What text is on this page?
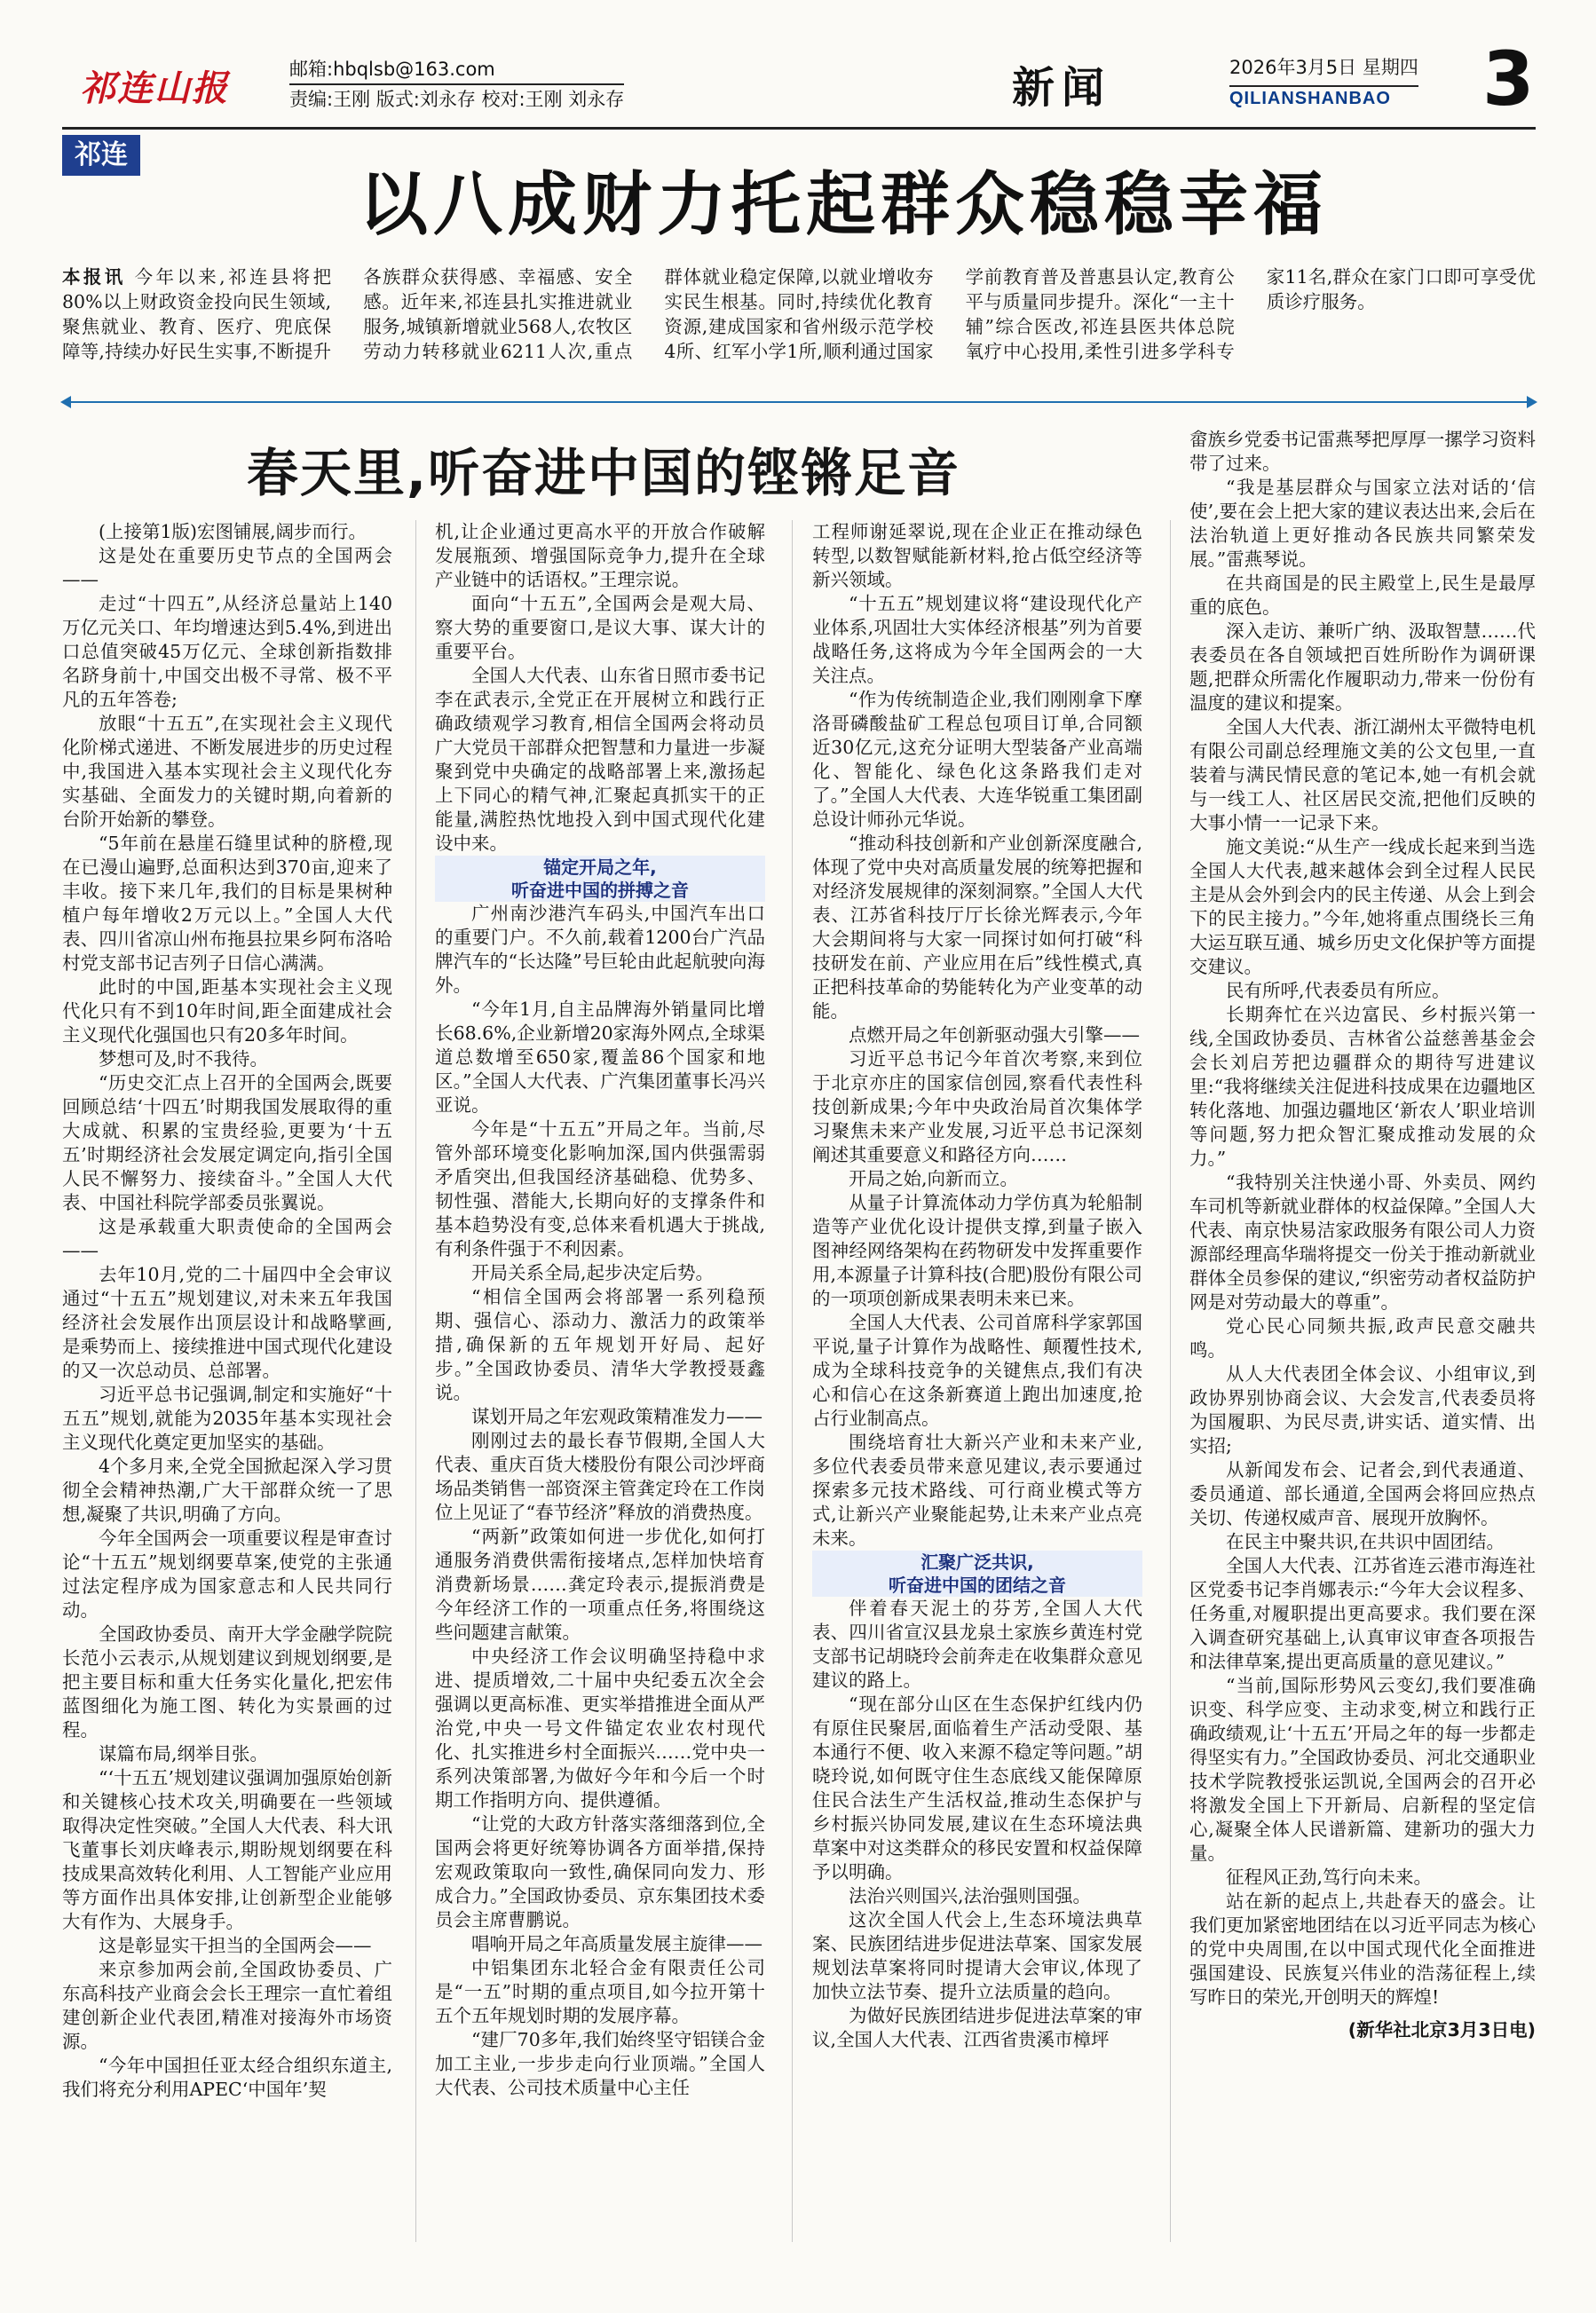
祁连山报	邮箱:hbqlsb@163.com
责编:王刚 版式:刘永存 校对:王刚 刘永存	新闻	2026年3月5日 星期四
QILIANSHANBAO	3
祁连
以八成财力托起群众稳稳幸福
本报讯 今年以来,祁连县将把80%以上财政资金投向民生领域,聚焦就业、教育、医疗、兜底保障等,持续办好民生实事,不断提升各族群众获得感、幸福感、安全感。近年来,祁连县扎实推进就业服务,城镇新增就业568人,农牧区劳动力转移就业6211人次,重点群体就业稳定保障,以就业增收夯实民生根基。同时,持续优化教育资源,建成国家和省州级示范学校4所、红军小学1所,顺利通过国家学前教育普及普惠县认定,教育公平与质量同步提升。深化“一主十辅”综合医改,祁连县医共体总院氧疗中心投用,柔性引进多学科专家11名,群众在家门口即可享受优质诊疗服务。
春天里,听奋进中国的铿锵足音

(上接第1版)宏图铺展,阔步而行。

这是处在重要历史节点的全国两会——

走过“十四五”,从经济总量站上140万亿元关口、年均增速达到5.4%,到进出口总值突破45万亿元、全球创新指数排名跻身前十,中国交出极不寻常、极不平凡的五年答卷;

放眼“十五五”,在实现社会主义现代化阶梯式递进、不断发展进步的历史过程中,我国进入基本实现社会主义现代化夯实基础、全面发力的关键时期,向着新的台阶开始新的攀登。

“5年前在悬崖石缝里试种的脐橙,现在已漫山遍野,总面积达到370亩,迎来了丰收。接下来几年,我们的目标是果树种植户每年增收2万元以上。”全国人大代表、四川省凉山州布拖县拉果乡阿布洛哈村党支部书记吉列子日信心满满。

此时的中国,距基本实现社会主义现代化只有不到10年时间,距全面建成社会主义现代化强国也只有20多年时间。

梦想可及,时不我待。

“历史交汇点上召开的全国两会,既要回顾总结‘十四五’时期我国发展取得的重大成就、积累的宝贵经验,更要为‘十五五’时期经济社会发展定调定向,指引全国人民不懈努力、接续奋斗。”全国人大代表、中国社科院学部委员张翼说。

这是承载重大职责使命的全国两会——

去年10月,党的二十届四中全会审议通过“十五五”规划建议,对未来五年我国经济社会发展作出顶层设计和战略擘画,是乘势而上、接续推进中国式现代化建设的又一次总动员、总部署。

习近平总书记强调,制定和实施好“十五五”规划,就能为2035年基本实现社会主义现代化奠定更加坚实的基础。

4个多月来,全党全国掀起深入学习贯彻全会精神热潮,广大干部群众统一了思想,凝聚了共识,明确了方向。

今年全国两会一项重要议程是审查讨论“十五五”规划纲要草案,使党的主张通过法定程序成为国家意志和人民共同行动。

全国政协委员、南开大学金融学院院长范小云表示,从规划建议到规划纲要,是把主要目标和重大任务实化量化,把宏伟蓝图细化为施工图、转化为实景画的过程。

谋篇布局,纲举目张。

“‘十五五’规划建议强调加强原始创新和关键核心技术攻关,明确要在一些领域取得决定性突破。”全国人大代表、科大讯飞董事长刘庆峰表示,期盼规划纲要在科技成果高效转化利用、人工智能产业应用等方面作出具体安排,让创新型企业能够大有作为、大展身手。

这是彰显实干担当的全国两会——

来京参加两会前,全国政协委员、广东高科技产业商会会长王理宗一直忙着组建创新企业代表团,精准对接海外市场资源。

“今年中国担任亚太经合组织东道主,我们将充分利用APEC‘中国年’契

机,让企业通过更高水平的开放合作破解发展瓶颈、增强国际竞争力,提升在全球产业链中的话语权。”王理宗说。

面向“十五五”,全国两会是观大局、察大势的重要窗口,是议大事、谋大计的重要平台。

全国人大代表、山东省日照市委书记李在武表示,全党正在开展树立和践行正确政绩观学习教育,相信全国两会将动员广大党员干部群众把智慧和力量进一步凝聚到党中央确定的战略部署上来,激扬起上下同心的精气神,汇聚起真抓实干的正能量,满腔热忱地投入到中国式现代化建设中来。

锚定开局之年,
听奋进中国的拼搏之音

广州南沙港汽车码头,中国汽车出口的重要门户。不久前,载着1200台广汽品牌汽车的“长达隆”号巨轮由此起航驶向海外。

“今年1月,自主品牌海外销量同比增长68.6%,企业新增20家海外网点,全球渠道总数增至650家,覆盖86个国家和地区。”全国人大代表、广汽集团董事长冯兴亚说。

今年是“十五五”开局之年。当前,尽管外部环境变化影响加深,国内供强需弱矛盾突出,但我国经济基础稳、优势多、韧性强、潜能大,长期向好的支撑条件和基本趋势没有变,总体来看机遇大于挑战,有利条件强于不利因素。

开局关系全局,起步决定后势。

“相信全国两会将部署一系列稳预期、强信心、添动力、激活力的政策举措,确保新的五年规划开好局、起好步。”全国政协委员、清华大学教授聂鑫说。

谋划开局之年宏观政策精准发力——

刚刚过去的最长春节假期,全国人大代表、重庆百货大楼股份有限公司沙坪商场品类销售一部资深主管龚定玲在工作岗位上见证了“春节经济”释放的消费热度。

“两新”政策如何进一步优化,如何打通服务消费供需衔接堵点,怎样加快培育消费新场景……龚定玲表示,提振消费是今年经济工作的一项重点任务,将围绕这些问题建言献策。

中央经济工作会议明确坚持稳中求进、提质增效,二十届中央纪委五次全会强调以更高标准、更实举措推进全面从严治党,中央一号文件锚定农业农村现代化、扎实推进乡村全面振兴……党中央一系列决策部署,为做好今年和今后一个时期工作指明方向、提供遵循。

“让党的大政方针落实落细落到位,全国两会将更好统筹协调各方面举措,保持宏观政策取向一致性,确保同向发力、形成合力。”全国政协委员、京东集团技术委员会主席曹鹏说。

唱响开局之年高质量发展主旋律——

中铝集团东北轻合金有限责任公司是“一五”时期的重点项目,如今拉开第十五个五年规划时期的发展序幕。

“建厂70多年,我们始终坚守铝镁合金加工主业,一步步走向行业顶端。”全国人大代表、公司技术质量中心主任

工程师谢延翠说,现在企业正在推动绿色转型,以数智赋能新材料,抢占低空经济等新兴领域。

“十五五”规划建议将“建设现代化产业体系,巩固壮大实体经济根基”列为首要战略任务,这将成为今年全国两会的一大关注点。

“作为传统制造企业,我们刚刚拿下摩洛哥磷酸盐矿工程总包项目订单,合同额近30亿元,这充分证明大型装备产业高端化、智能化、绿色化这条路我们走对了。”全国人大代表、大连华锐重工集团副总设计师孙元华说。

“推动科技创新和产业创新深度融合,体现了党中央对高质量发展的统筹把握和对经济发展规律的深刻洞察。”全国人大代表、江苏省科技厅厅长徐光辉表示,今年大会期间将与大家一同探讨如何打破“科技研发在前、产业应用在后”线性模式,真正把科技革命的势能转化为产业变革的动能。

点燃开局之年创新驱动强大引擎——

习近平总书记今年首次考察,来到位于北京亦庄的国家信创园,察看代表性科技创新成果;今年中央政治局首次集体学习聚焦未来产业发展,习近平总书记深刻阐述其重要意义和路径方向……

开局之始,向新而立。

从量子计算流体动力学仿真为轮船制造等产业优化设计提供支撑,到量子嵌入图神经网络架构在药物研发中发挥重要作用,本源量子计算科技(合肥)股份有限公司的一项项创新成果表明未来已来。

全国人大代表、公司首席科学家郭国平说,量子计算作为战略性、颠覆性技术,成为全球科技竞争的关键焦点,我们有决心和信心在这条新赛道上跑出加速度,抢占行业制高点。

围绕培育壮大新兴产业和未来产业,多位代表委员带来意见建议,表示要通过探索多元技术路线、可行商业模式等方式,让新兴产业聚能起势,让未来产业点亮未来。

汇聚广泛共识,
听奋进中国的团结之音

伴着春天泥土的芬芳,全国人大代表、四川省宣汉县龙泉土家族乡黄连村党支部书记胡晓玲会前奔走在收集群众意见建议的路上。

“现在部分山区在生态保护红线内仍有原住民聚居,面临着生产活动受限、基本通行不便、收入来源不稳定等问题。”胡晓玲说,如何既守住生态底线又能保障原住民合法生产生活权益,推动生态保护与乡村振兴协同发展,建议在生态环境法典草案中对这类群众的移民安置和权益保障予以明确。

法治兴则国兴,法治强则国强。

这次全国人代会上,生态环境法典草案、民族团结进步促进法草案、国家发展规划法草案将同时提请大会审议,体现了加快立法节奏、提升立法质量的趋向。

为做好民族团结进步促进法草案的审议,全国人大代表、江西省贵溪市樟坪

畲族乡党委书记雷燕琴把厚厚一摞学习资料带了过来。

“我是基层群众与国家立法对话的‘信使’,要在会上把大家的建议表达出来,会后在法治轨道上更好推动各民族共同繁荣发展。”雷燕琴说。

在共商国是的民主殿堂上,民生是最厚重的底色。

深入走访、兼听广纳、汲取智慧……代表委员在各自领域把百姓所盼作为调研课题,把群众所需化作履职动力,带来一份份有温度的建议和提案。

全国人大代表、浙江湖州太平微特电机有限公司副总经理施文美的公文包里,一直装着与满民情民意的笔记本,她一有机会就与一线工人、社区居民交流,把他们反映的大事小情一一记录下来。

施文美说:“从生产一线成长起来到当选全国人大代表,越来越体会到全过程人民民主是从会外到会内的民主传递、从会上到会下的民主接力。”今年,她将重点围绕长三角大运互联互通、城乡历史文化保护等方面提交建议。

民有所呼,代表委员有所应。

长期奔忙在兴边富民、乡村振兴第一线,全国政协委员、吉林省公益慈善基金会会长刘启芳把边疆群众的期待写进建议里:“我将继续关注促进科技成果在边疆地区转化落地、加强边疆地区‘新农人’职业培训等问题,努力把众智汇聚成推动发展的众力。”

“我特别关注快递小哥、外卖员、网约车司机等新就业群体的权益保障。”全国人大代表、南京快易洁家政服务有限公司人力资源部经理高华瑞将提交一份关于推动新就业群体全员参保的建议,“织密劳动者权益防护网是对劳动最大的尊重”。

党心民心同频共振,政声民意交融共鸣。

从人大代表团全体会议、小组审议,到政协界别协商会议、大会发言,代表委员将为国履职、为民尽责,讲实话、道实情、出实招;

从新闻发布会、记者会,到代表通道、委员通道、部长通道,全国两会将回应热点关切、传递权威声音、展现开放胸怀。

在民主中聚共识,在共识中固团结。

全国人大代表、江苏省连云港市海连社区党委书记李肖娜表示:“今年大会议程多、任务重,对履职提出更高要求。我们要在深入调查研究基础上,认真审议审查各项报告和法律草案,提出更高质量的意见建议。”

“当前,国际形势风云变幻,我们要准确识变、科学应变、主动求变,树立和践行正确政绩观,让‘十五五’开局之年的每一步都走得坚实有力。”全国政协委员、河北交通职业技术学院教授张运凯说,全国两会的召开必将激发全国上下开新局、启新程的坚定信心,凝聚全体人民谱新篇、建新功的强大力量。

征程风正劲,笃行向未来。

站在新的起点上,共赴春天的盛会。让我们更加紧密地团结在以习近平同志为核心的党中央周围,在以中国式现代化全面推进强国建设、民族复兴伟业的浩荡征程上,续写昨日的荣光,开创明天的辉煌!

(新华社北京3月3日电)
